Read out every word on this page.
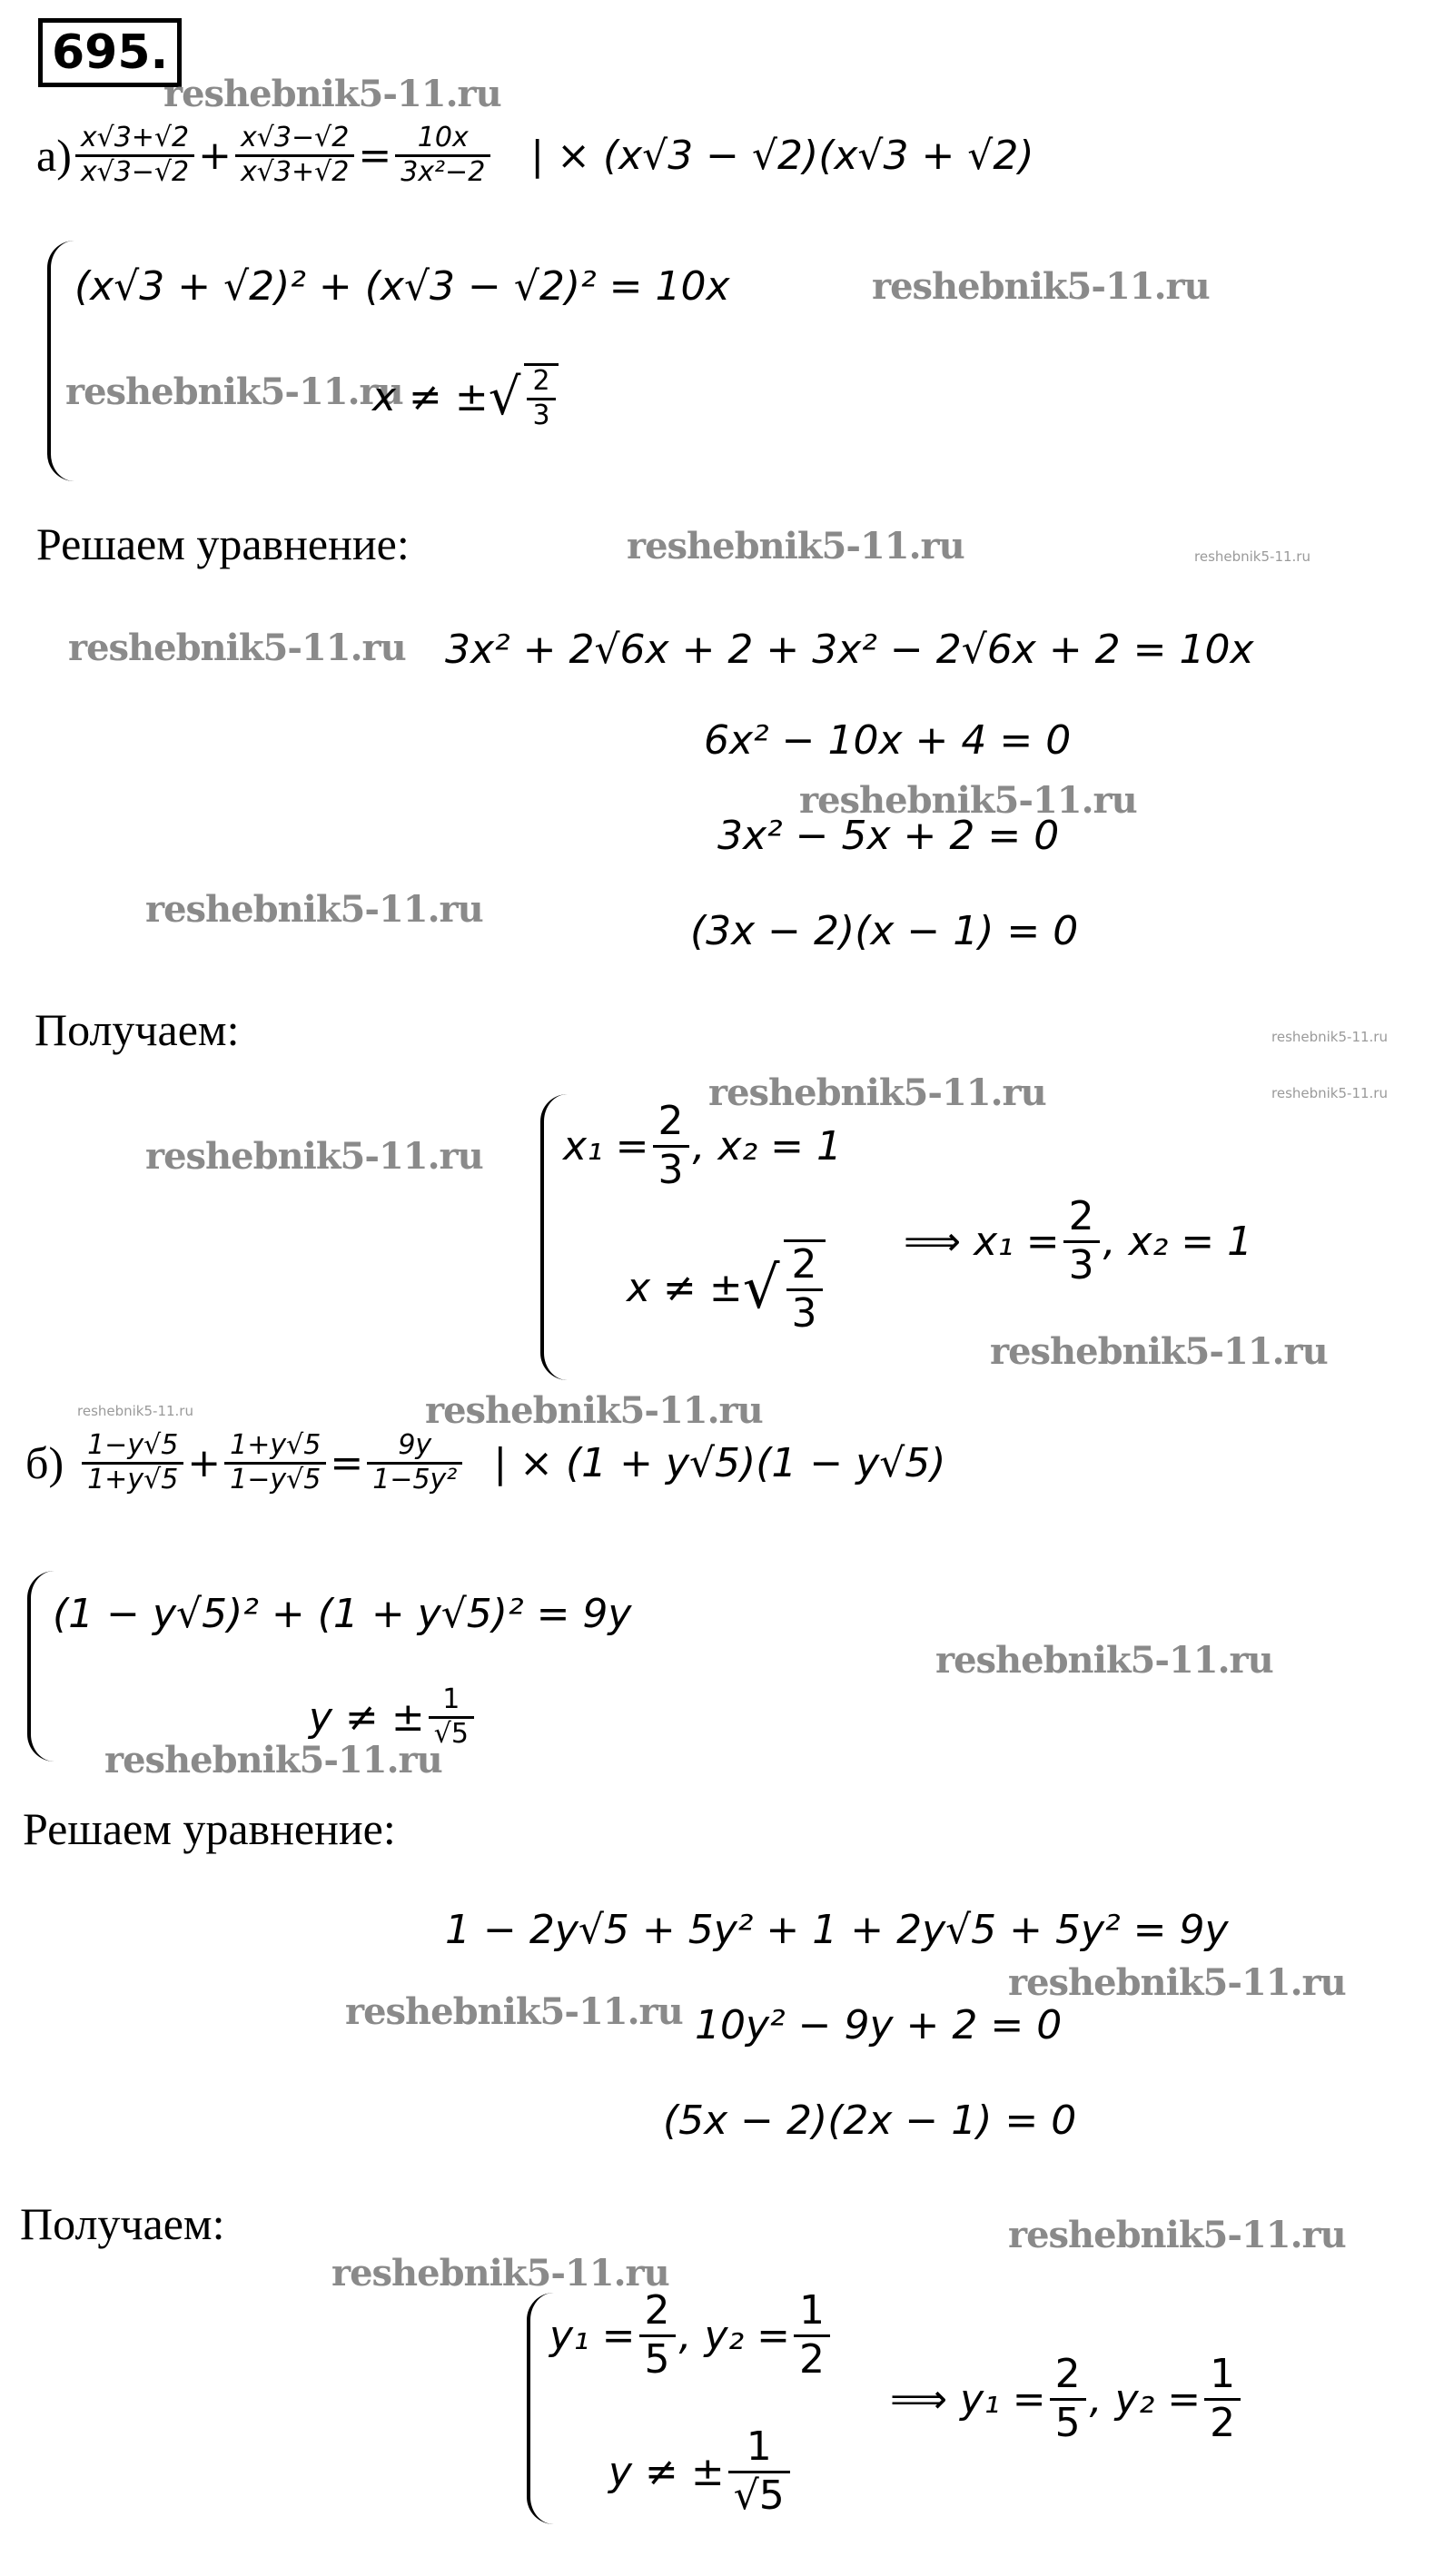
695.
reshebnik5-11.ru
reshebnik5-11.ru
reshebnik5-11.ru
reshebnik5-11.ru	reshebnik5-11.ru
reshebnik5-11.ru
reshebnik5-11.ru
reshebnik5-11.ru
reshebnik5-11.ru
reshebnik5-11.ru	reshebnik5-11.ru
reshebnik5-11.ru
reshebnik5-11.ru
reshebnik5-11.ru	reshebnik5-11.ru
reshebnik5-11.ru
reshebnik5-11.ru
reshebnik5-11.ru
reshebnik5-11.ru
reshebnik5-11.ru
reshebnik5-11.ru
$а) \frac{x√3+√2}{x√3-√2} + \frac{x√3-√2}{x√3+√2} = \frac{10x}{\text{3x²−2}}$ | × (x√3 − √2)(x√3 + √2)
(x√3 + √2)² + (x√3 − √2)² = 10x
x ≠ ± √ $\frac{2}{3}$
Решаем уравнение:
3x² + 2√6x + 2 + 3x² − 2√6x + 2 = 10x
6x² − 10x + 4 = 0
3x² − 5x + 2 = 0
(3x − 2)(x − 1) = 0
Получаем:
$x_1 = \frac{2}{3}$ , x₂ = 1
x ≠ ± √ $\frac{2}{3}$ ⟹ $x_1 = \frac{2}{3}$ , x₂ = 1
$б) \frac{1-y√5}{1+y√5} + \frac{1+y√5}{1-y√5} = \frac{9y}{\text{1−5y²}}$ | × (1 + y√5)(1 − y√5)
(1 − y√5)² + (1 + y√5)² = 9y
y ≠ ± $\frac{1}{√5}$
Решаем уравнение:
1 − 2y√5 + 5y² + 1 + 2y√5 + 5y² = 9y
10y² − 9y + 2 = 0
(5x − 2)(2x − 1) = 0
Получаем:
$y_1 = \frac{2}{5}$ , $y_2 = \frac{1}{2}$
y ≠ ± $\frac{1}{√5}$
⟹ $y_1 = \frac{2}{5}$ , $y_2 = \frac{1}{2}$
